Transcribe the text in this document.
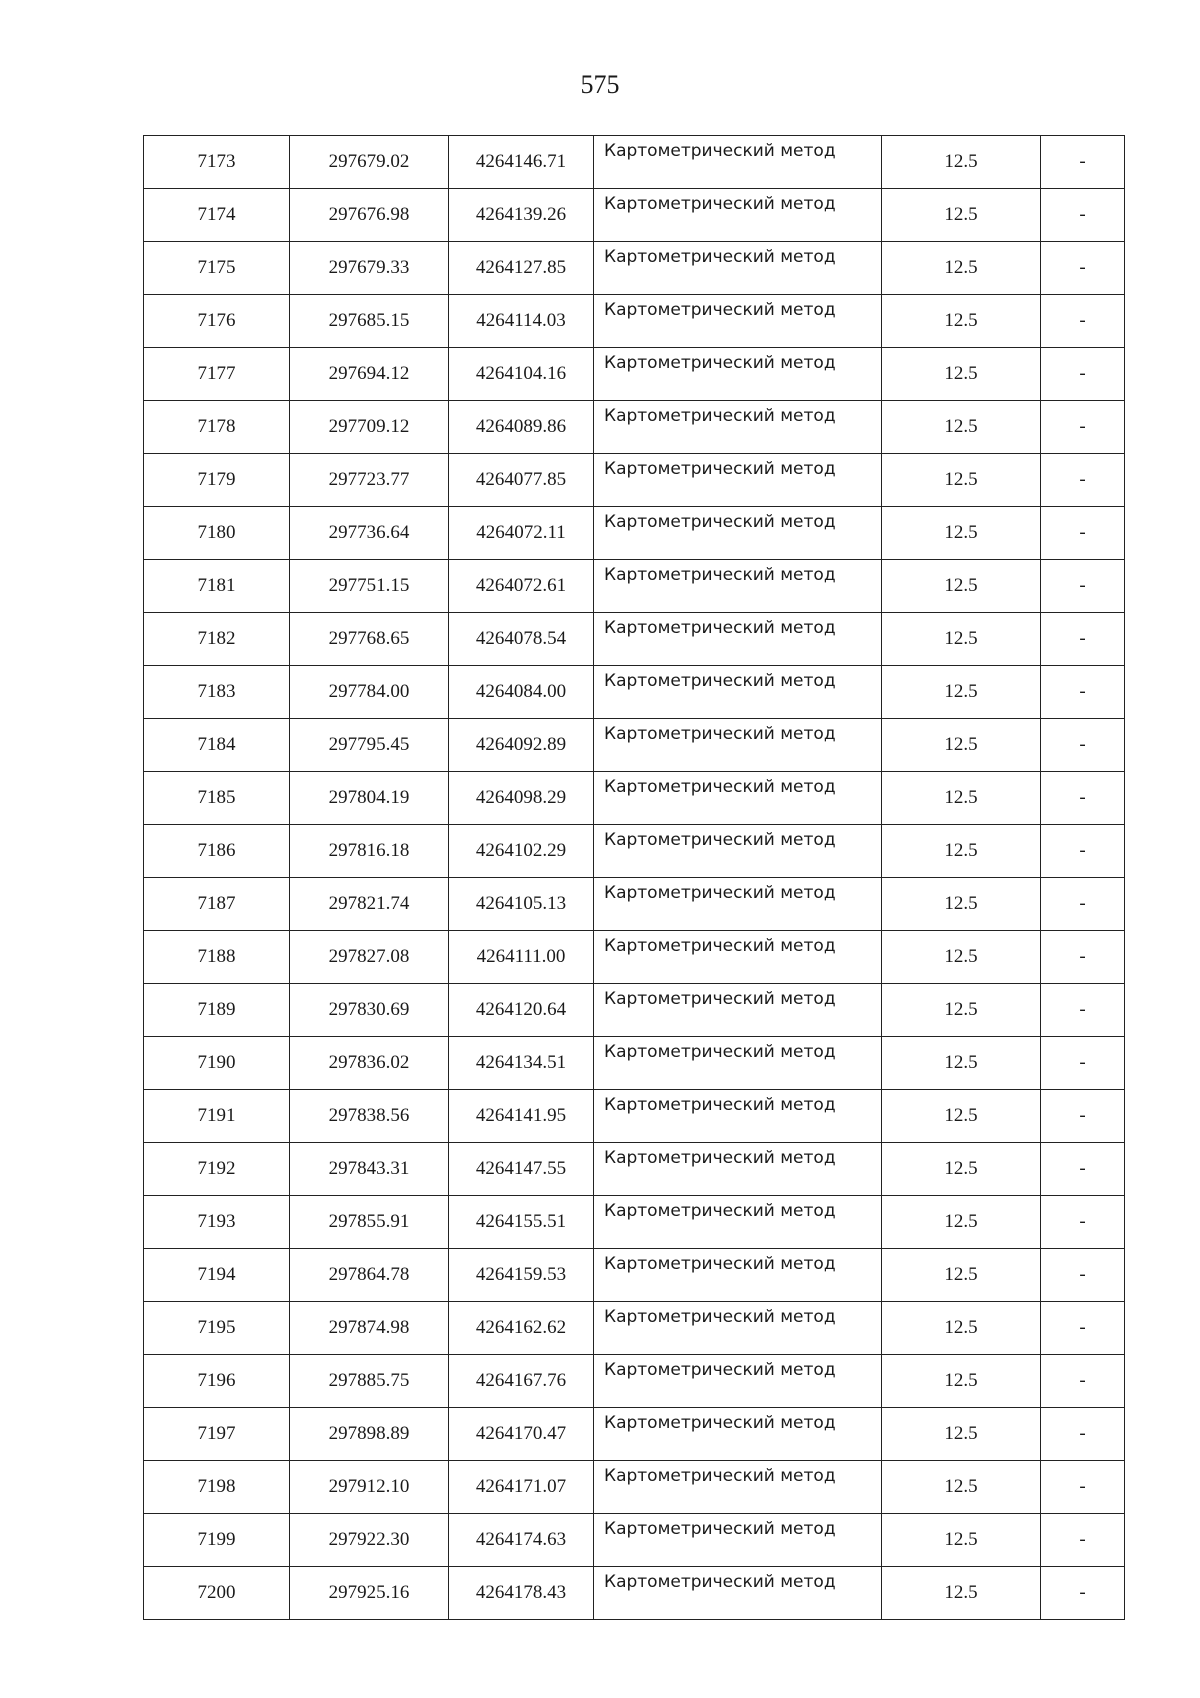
575
7173	297679.02	4264146.71	Картометрический метод	12.5	-
7174	297676.98	4264139.26	Картометрический метод	12.5	-
7175	297679.33	4264127.85	Картометрический метод	12.5	-
7176	297685.15	4264114.03	Картометрический метод	12.5	-
7177	297694.12	4264104.16	Картометрический метод	12.5	-
7178	297709.12	4264089.86	Картометрический метод	12.5	-
7179	297723.77	4264077.85	Картометрический метод	12.5	-
7180	297736.64	4264072.11	Картометрический метод	12.5	-
7181	297751.15	4264072.61	Картометрический метод	12.5	-
7182	297768.65	4264078.54	Картометрический метод	12.5	-
7183	297784.00	4264084.00	Картометрический метод	12.5	-
7184	297795.45	4264092.89	Картометрический метод	12.5	-
7185	297804.19	4264098.29	Картометрический метод	12.5	-
7186	297816.18	4264102.29	Картометрический метод	12.5	-
7187	297821.74	4264105.13	Картометрический метод	12.5	-
7188	297827.08	4264111.00	Картометрический метод	12.5	-
7189	297830.69	4264120.64	Картометрический метод	12.5	-
7190	297836.02	4264134.51	Картометрический метод	12.5	-
7191	297838.56	4264141.95	Картометрический метод	12.5	-
7192	297843.31	4264147.55	Картометрический метод	12.5	-
7193	297855.91	4264155.51	Картометрический метод	12.5	-
7194	297864.78	4264159.53	Картометрический метод	12.5	-
7195	297874.98	4264162.62	Картометрический метод	12.5	-
7196	297885.75	4264167.76	Картометрический метод	12.5	-
7197	297898.89	4264170.47	Картометрический метод	12.5	-
7198	297912.10	4264171.07	Картометрический метод	12.5	-
7199	297922.30	4264174.63	Картометрический метод	12.5	-
7200	297925.16	4264178.43	Картометрический метод	12.5	-
